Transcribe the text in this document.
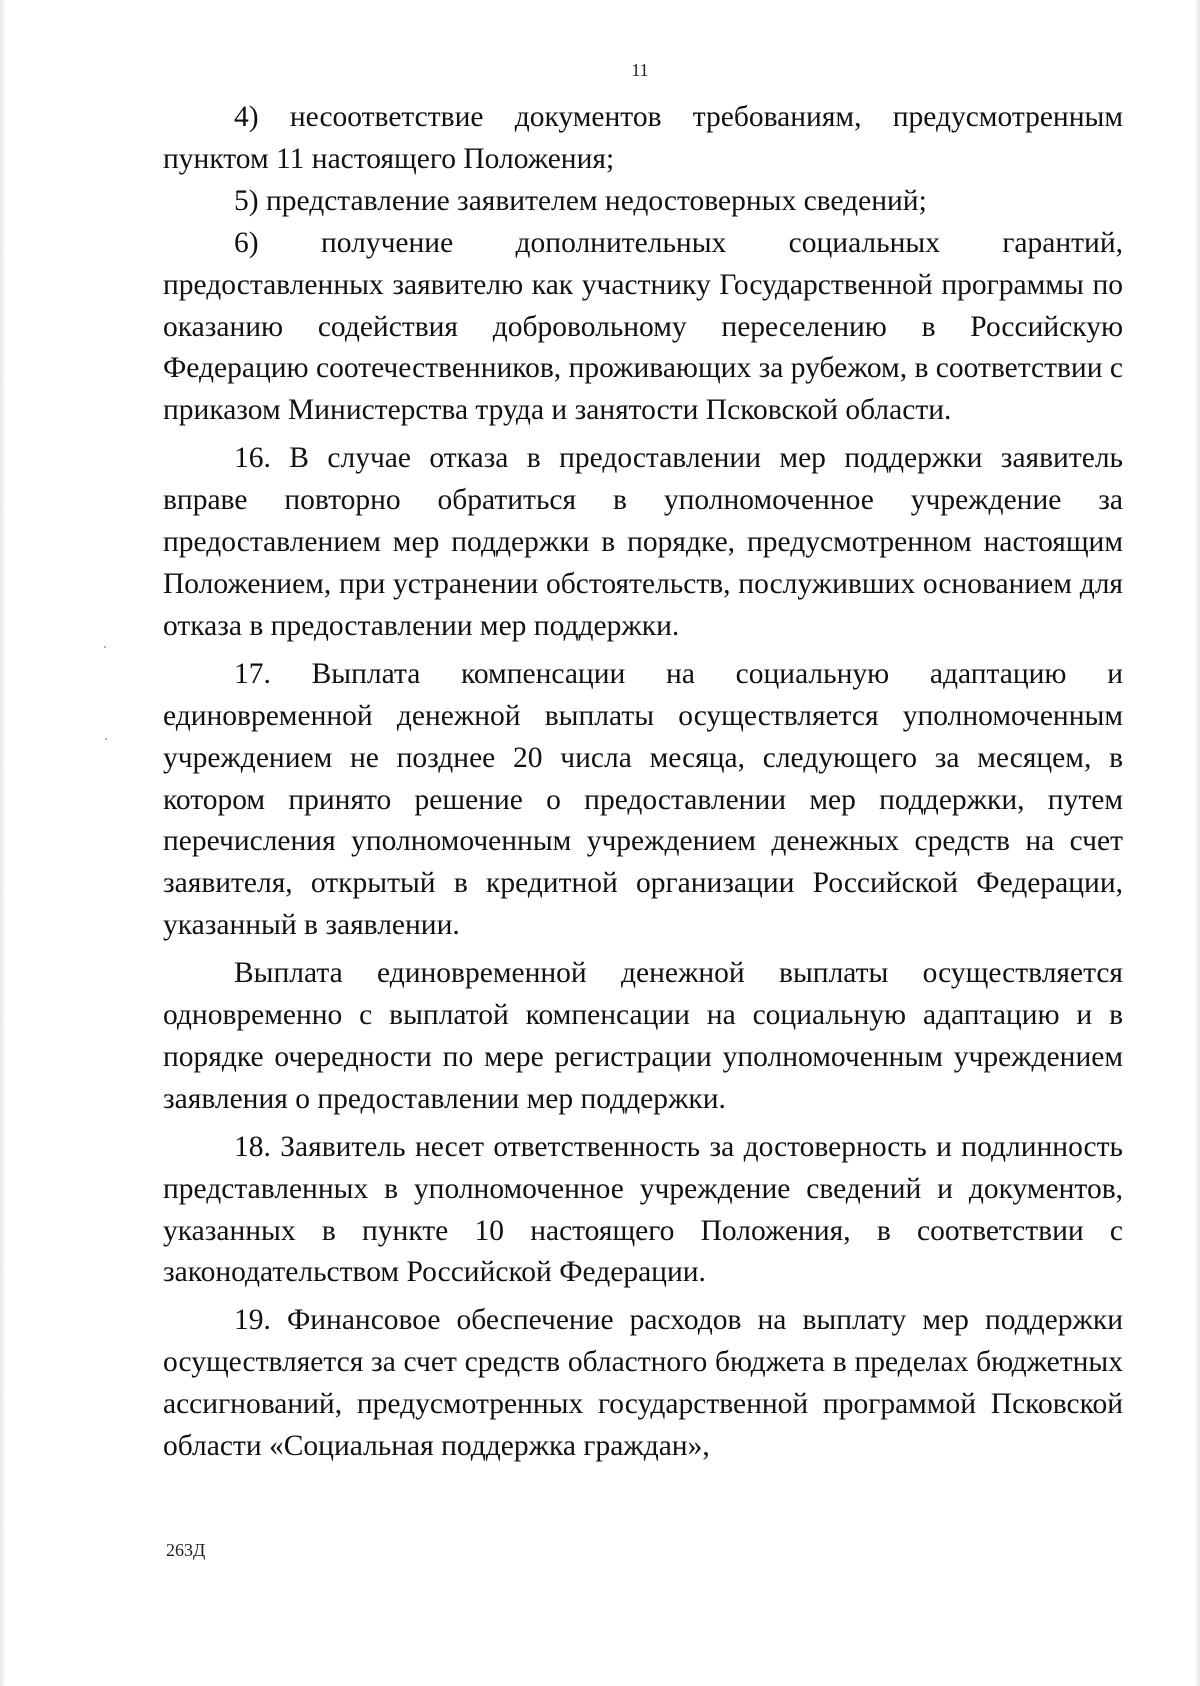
11

4) несоответствие документов требованиям, предусмотренным пунктом 11 настоящего Положения;

5) представление заявителем недостоверных сведений;

6) получение дополнительных социальных гарантий, предоставленных заявителю как участнику Государственной программы по оказанию содействия добровольному переселению в Российскую Федерацию соотечественников, проживающих за рубежом, в соответствии с приказом Министерства труда и занятости Псковской области.

16. В случае отказа в предоставлении мер поддержки заявитель вправе повторно обратиться в уполномоченное учреждение за предоставлением мер поддержки в порядке, предусмотренном настоящим Положением, при устранении обстоятельств, послуживших основанием для отказа в предоставлении мер поддержки.

17. Выплата компенсации на социальную адаптацию и единовременной денежной выплаты осуществляется уполномоченным учреждением не позднее 20 числа месяца, следующего за месяцем, в котором принято решение о предоставлении мер поддержки, путем перечисления уполномоченным учреждением денежных средств на счет заявителя, открытый в кредитной организации Российской Федерации, указанный в заявлении.

Выплата единовременной денежной выплаты осуществляется одновременно с выплатой компенсации на социальную адаптацию и в порядке очередности по мере регистрации уполномоченным учреждением заявления о предоставлении мер поддержки.

18. Заявитель несет ответственность за достоверность и подлинность представленных в уполномоченное учреждение сведений и документов, указанных в пункте 10 настоящего Положения, в соответствии с законодательством Российской Федерации.

19. Финансовое обеспечение расходов на выплату мер поддержки осуществляется за счет средств областного бюджета в пределах бюджетных ассигнований, предусмотренных государственной программой Псковской области «Социальная поддержка граждан»,

263Д
